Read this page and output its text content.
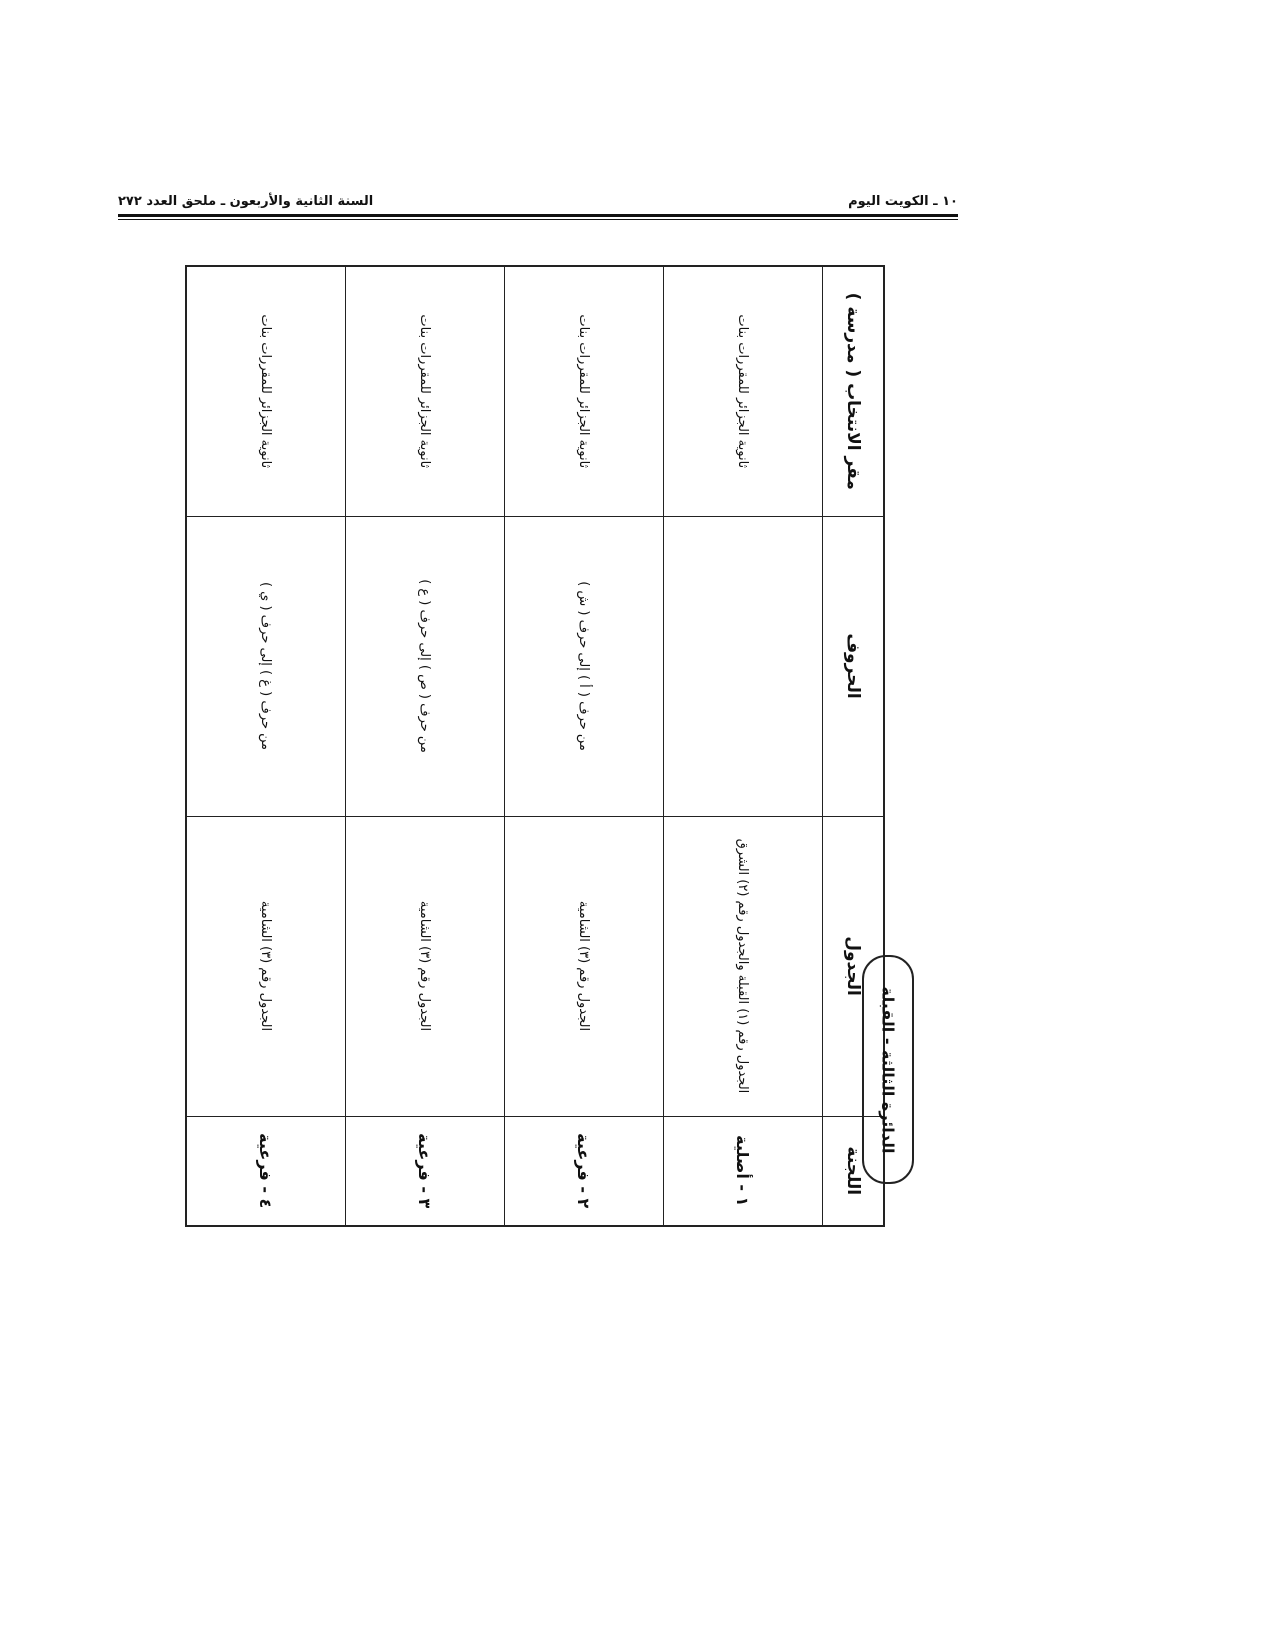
السنة الثانية والأربعون ـ ملحق العدد ٢٧٢	١٠ ـ الكويت اليوم
اللجنة	الجدول	الحروف	مقر الانتخاب ( مدرسة )
١ - أصلية	الجدول رقم (١) القبلة والجدول رقم (٢) الشرق		ثانوية الجزائر للمقررات بنات
٢ - فرعية	الجدول رقم (٣) الشامية	من حرف ( أ ) إلى حرف ( ش )	ثانوية الجزائر للمقررات بنات
٣ - فرعية	الجدول رقم (٣) الشامية	من حرف ( ص ) إلى حرف ( ع )	ثانوية الجزائر للمقررات بنات
٤ - فرعية	الجدول رقم (٣) الشامية	من حرف ( غ ) إلى حرف ( ي )	ثانوية الجزائر للمقررات بنات
الدائرة الثالثة - القبلة
